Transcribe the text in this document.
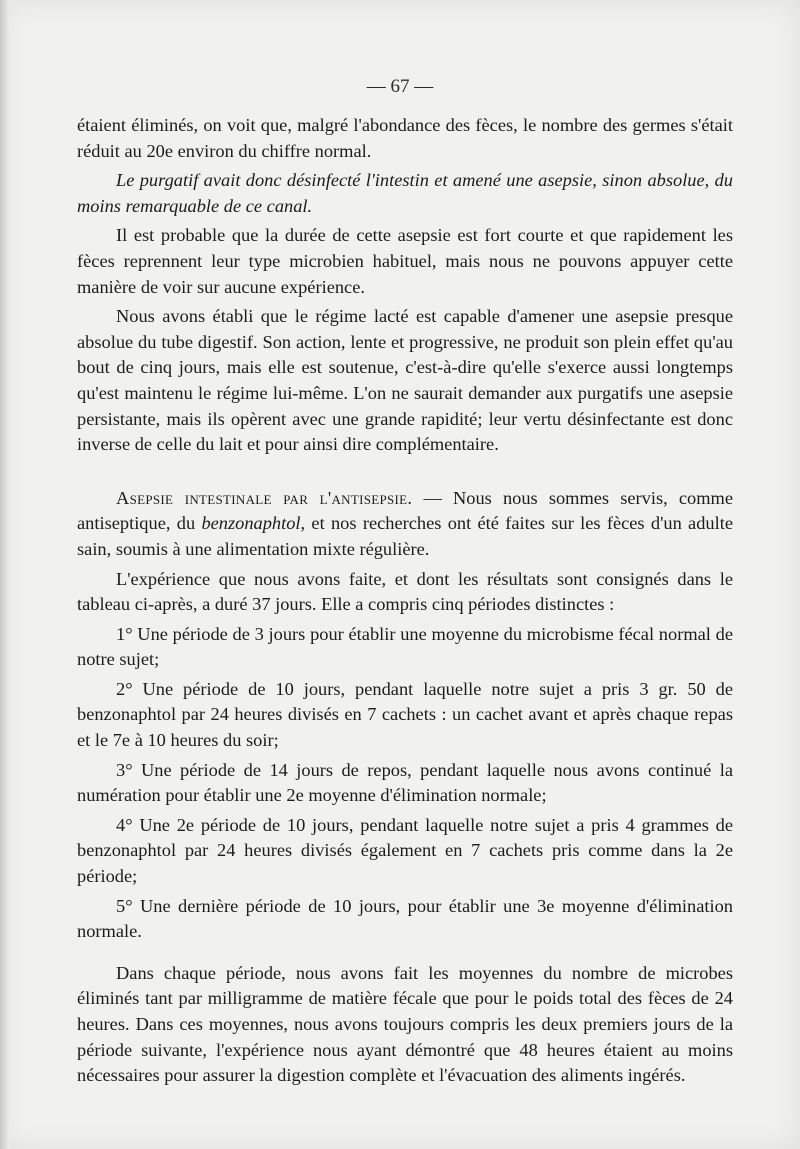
— 67 —

étaient éliminés, on voit que, malgré l'abondance des fèces, le nombre des germes s'était réduit au 20e environ du chiffre normal.

Le purgatif avait donc désinfecté l'intestin et amené une asepsie, sinon absolue, du moins remarquable de ce canal.

Il est probable que la durée de cette asepsie est fort courte et que rapidement les fèces reprennent leur type microbien habituel, mais nous ne pouvons appuyer cette manière de voir sur aucune expérience.

Nous avons établi que le régime lacté est capable d'amener une asepsie presque absolue du tube digestif. Son action, lente et progressive, ne produit son plein effet qu'au bout de cinq jours, mais elle est soutenue, c'est-à-dire qu'elle s'exerce aussi longtemps qu'est maintenu le régime lui-même. L'on ne saurait demander aux purgatifs une asepsie persistante, mais ils opèrent avec une grande rapidité; leur vertu désinfectante est donc inverse de celle du lait et pour ainsi dire complémentaire.

Asepsie intestinale par l'antisepsie. — Nous nous sommes servis, comme antiseptique, du benzonaphtol, et nos recherches ont été faites sur les fèces d'un adulte sain, soumis à une alimentation mixte régulière.

L'expérience que nous avons faite, et dont les résultats sont consignés dans le tableau ci-après, a duré 37 jours. Elle a compris cinq périodes distinctes :

1° Une période de 3 jours pour établir une moyenne du microbisme fécal normal de notre sujet;

2° Une période de 10 jours, pendant laquelle notre sujet a pris 3 gr. 50 de benzonaphtol par 24 heures divisés en 7 cachets : un cachet avant et après chaque repas et le 7e à 10 heures du soir;

3° Une période de 14 jours de repos, pendant laquelle nous avons continué la numération pour établir une 2e moyenne d'élimination normale;

4° Une 2e période de 10 jours, pendant laquelle notre sujet a pris 4 grammes de benzonaphtol par 24 heures divisés également en 7 cachets pris comme dans la 2e période;

5° Une dernière période de 10 jours, pour établir une 3e moyenne d'élimination normale.

Dans chaque période, nous avons fait les moyennes du nombre de microbes éliminés tant par milligramme de matière fécale que pour le poids total des fèces de 24 heures. Dans ces moyennes, nous avons toujours compris les deux premiers jours de la période suivante, l'expérience nous ayant démontré que 48 heures étaient au moins nécessaires pour assurer la digestion complète et l'évacuation des aliments ingérés.
